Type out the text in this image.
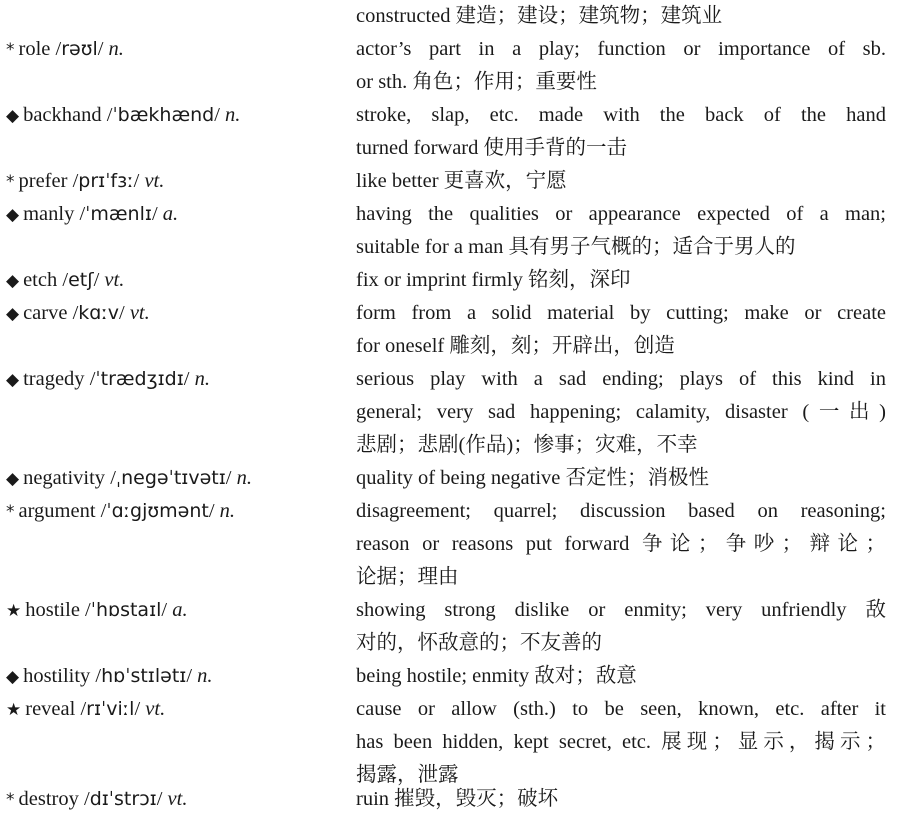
constructed 建造；建设；建筑物；建筑业
* role /rəʊl/ n.	actor’s part in a play; function or importance of sb.
or sth. 角色；作用；重要性
◆ backhand /ˈbækhænd/ n.	stroke, slap, etc. made with the back of the hand
turned forward 使用手背的一击
* prefer /prɪˈfɜː/ vt.	like better 更喜欢，宁愿
◆ manly /ˈmænlɪ/ a.	having the qualities or appearance expected of a man;
suitable for a man 具有男子气概的；适合于男人的
◆ etch /etʃ/ vt.	fix or imprint firmly 铭刻，深印
◆ carve /kɑːv/ vt.	form from a solid material by cutting; make or create
for oneself 雕刻，刻；开辟出，创造
◆ tragedy /ˈtrædʒɪdɪ/ n.	serious play with a sad ending; plays of this kind in
general; very sad happening; calamity, disaster (一出)
悲剧；悲剧(作品)；惨事；灾难，不幸
◆ negativity /ˌnegəˈtɪvətɪ/ n.	quality of being negative 否定性；消极性
* argument /ˈɑːgjʊmənt/ n.	disagreement; quarrel; discussion based on reasoning;
reason or reasons put forward 争论；争吵；辩论；
论据；理由
★ hostile /ˈhɒstaɪl/ a.	showing strong dislike or enmity; very unfriendly 敌
对的，怀敌意的；不友善的
◆ hostility /hɒˈstɪlətɪ/ n.	being hostile; enmity 敌对；敌意
★ reveal /rɪˈviːl/ vt.	cause or allow (sth.) to be seen, known, etc. after it
has been hidden, kept secret, etc. 展现；显示，揭示；
揭露，泄露
* destroy /dɪˈstrɔɪ/ vt.	ruin 摧毁，毁灭；破坏
